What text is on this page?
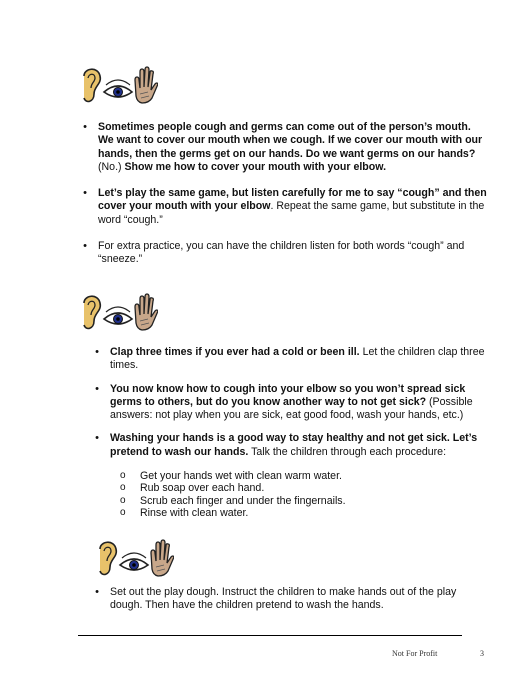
• Sometimes people cough and germs can come out of the person’s mouth. We want to cover our mouth when we cough. If we cover our mouth with our hands, then the germs get on our hands. Do we want germs on our hands? (No.) Show me how to cover your mouth with your elbow.
• Let’s play the same game, but listen carefully for me to say “cough” and then cover your mouth with your elbow. Repeat the same game, but substitute in the word “cough.”
• For extra practice, you can have the children listen for both words “cough” and “sneeze.”
• Clap three times if you ever had a cold or been ill. Let the children clap three times.
• You now know how to cough into your elbow so you won’t spread sick germs to others, but do you know another way to not get sick? (Possible answers: not play when you are sick, eat good food, wash your hands, etc.)
• Washing your hands is a good way to stay healthy and not get sick. Let’s pretend to wash our hands. Talk the children through each procedure:
o Get your hands wet with clean warm water.
o Rub soap over each hand.
o Scrub each finger and under the fingernails.
o Rinse with clean water.
• Set out the play dough. Instruct the children to make hands out of the play dough. Then have the children pretend to wash the hands.
Not For Profit	3
